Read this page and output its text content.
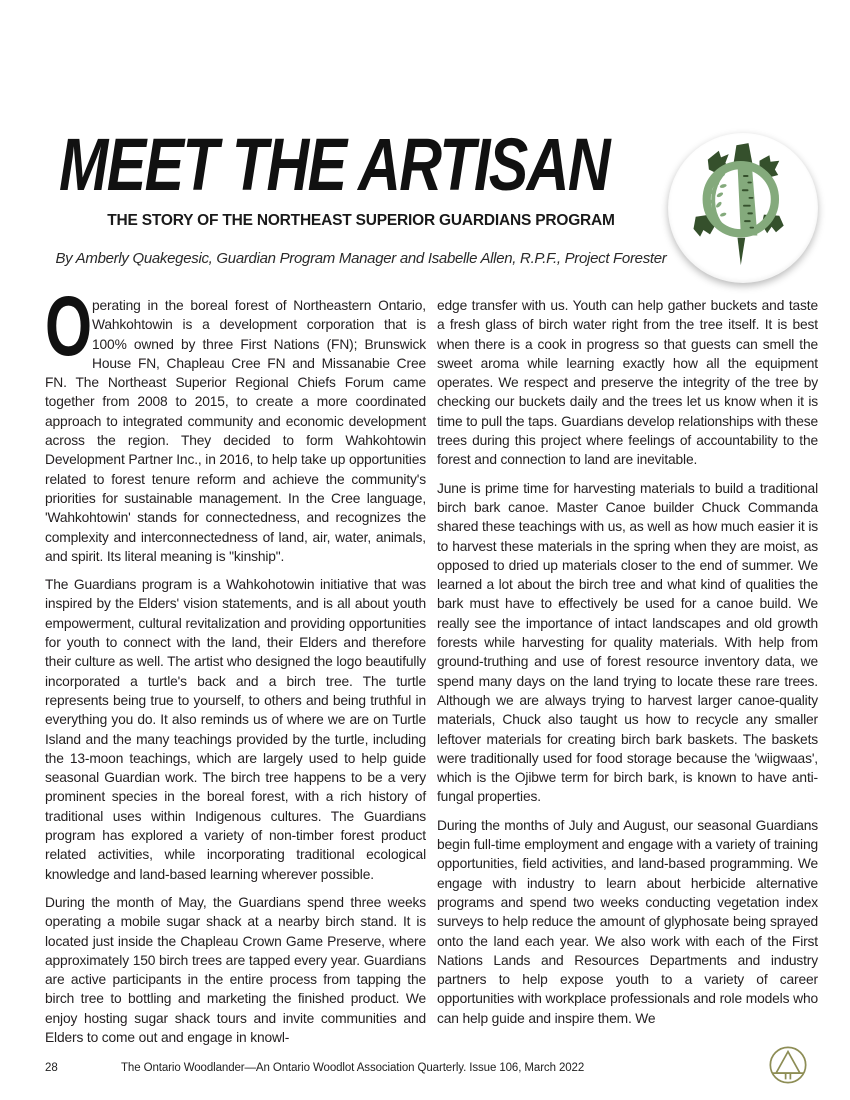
MEET THE ARTISAN
THE STORY OF THE NORTHEAST SUPERIOR GUARDIANS PROGRAM
By Amberly Quakegesic, Guardian Program Manager and Isabelle Allen, R.P.F., Project Forester

Operating in the boreal forest of Northeastern Ontario, Wahkohtowin is a development corporation that is 100% owned by three First Nations (FN); Brunswick House FN, Chapleau Cree FN and Missanabie Cree FN. The Northeast Superior Regional Chiefs Forum came together from 2008 to 2015, to create a more coordinated approach to integrated community and economic development across the region. They decided to form Wahkohtowin Development Partner Inc., in 2016, to help take up opportunities related to forest tenure reform and achieve the community's priorities for sustainable management. In the Cree language, 'Wahkohtowin' stands for connectedness, and recognizes the complexity and interconnectedness of land, air, water, animals, and spirit. Its literal meaning is "kinship".

The Guardians program is a Wahkohotowin initiative that was inspired by the Elders' vision statements, and is all about youth empowerment, cultural revitalization and providing opportunities for youth to connect with the land, their Elders and therefore their culture as well. The artist who designed the logo beautifully incorporated a turtle's back and a birch tree. The turtle represents being true to yourself, to others and being truthful in everything you do. It also reminds us of where we are on Turtle Island and the many teachings provided by the turtle, including the 13-moon teachings, which are largely used to help guide seasonal Guardian work. The birch tree happens to be a very prominent species in the boreal forest, with a rich history of traditional uses within Indigenous cultures. The Guardians program has explored a variety of non-timber forest product related activities, while incorporating traditional ecological knowledge and land-based learning wherever possible.

During the month of May, the Guardians spend three weeks operating a mobile sugar shack at a nearby birch stand. It is located just inside the Chapleau Crown Game Preserve, where approximately 150 birch trees are tapped every year. Guardians are active participants in the entire process from tapping the birch tree to bottling and marketing the finished product. We enjoy hosting sugar shack tours and invite communities and Elders to come out and engage in knowl-

edge transfer with us. Youth can help gather buckets and taste a fresh glass of birch water right from the tree itself. It is best when there is a cook in progress so that guests can smell the sweet aroma while learning exactly how all the equipment operates. We respect and preserve the integrity of the tree by checking our buckets daily and the trees let us know when it is time to pull the taps. Guardians develop relationships with these trees during this project where feelings of accountability to the forest and connection to land are inevitable.

June is prime time for harvesting materials to build a traditional birch bark canoe. Master Canoe builder Chuck Commanda shared these teachings with us, as well as how much easier it is to harvest these materials in the spring when they are moist, as opposed to dried up materials closer to the end of summer. We learned a lot about the birch tree and what kind of qualities the bark must have to effectively be used for a canoe build. We really see the importance of intact landscapes and old growth forests while harvesting for quality materials. With help from ground-truthing and use of forest resource inventory data, we spend many days on the land trying to locate these rare trees. Although we are always trying to harvest larger canoe-quality materials, Chuck also taught us how to recycle any smaller leftover materials for creating birch bark baskets. The baskets were traditionally used for food storage because the 'wiigwaas', which is the Ojibwe term for birch bark, is known to have anti-fungal properties.

During the months of July and August, our seasonal Guardians begin full-time employment and engage with a variety of training opportunities, field activities, and land-based programming. We engage with industry to learn about herbicide alternative programs and spend two weeks conducting vegetation index surveys to help reduce the amount of glyphosate being sprayed onto the land each year. We also work with each of the First Nations Lands and Resources Departments and industry partners to help expose youth to a variety of career opportunities with workplace professionals and role models who can help guide and inspire them. We

28	The Ontario Woodlander—An Ontario Woodlot Association Quarterly. Issue 106, March 2022
